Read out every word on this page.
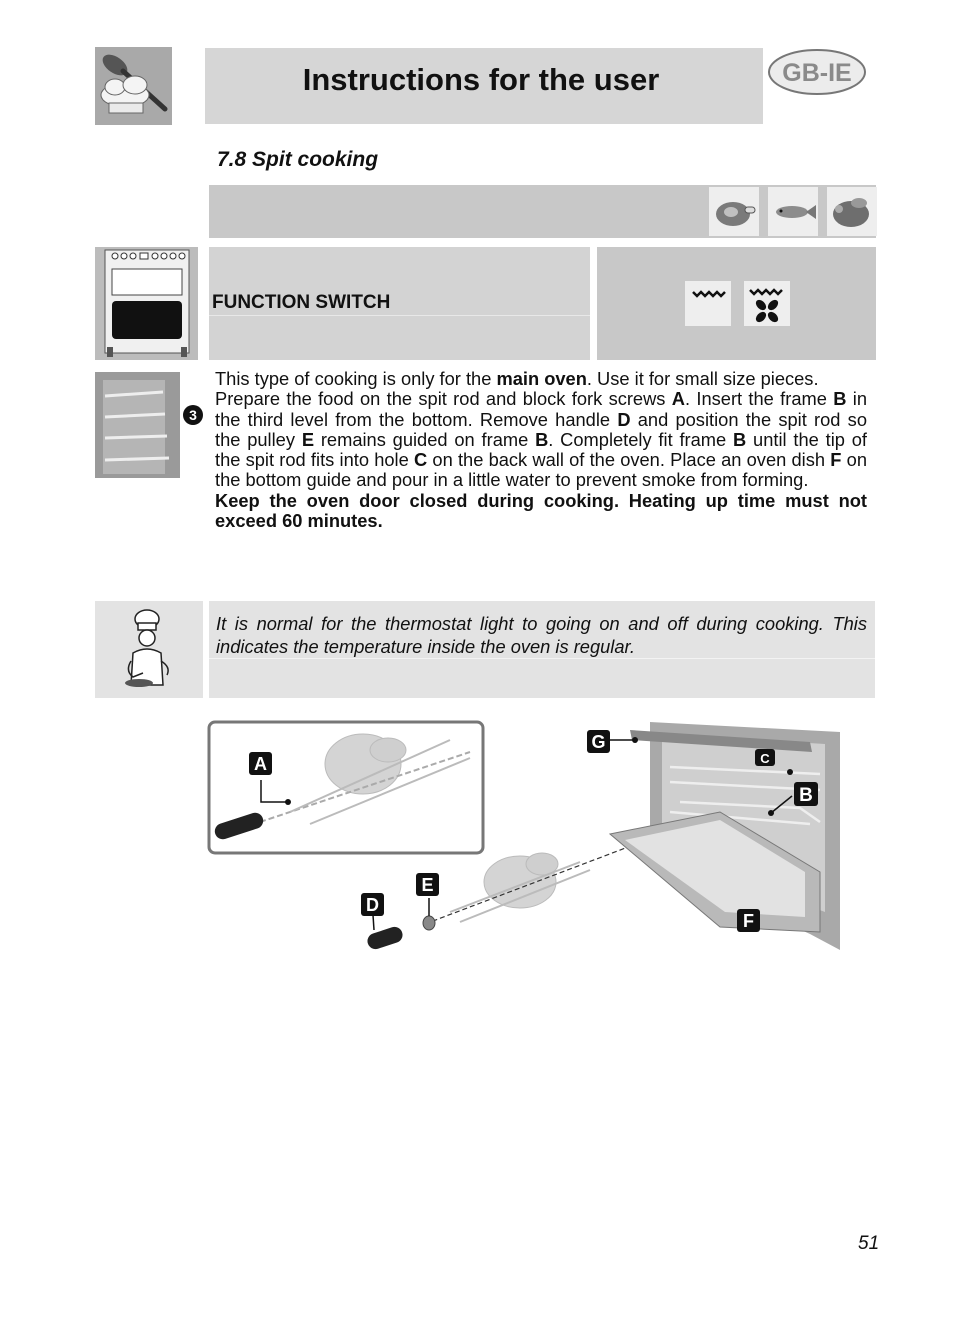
Instructions for the user	GB-IE
7.8 Spit cooking
FUNCTION SWITCH
3

This type of cooking is only for the main oven. Use it for small size pieces.

Prepare the food on the spit rod and block fork screws A. Insert the frame B in the third level from the bottom. Remove handle D and position the spit rod so the pulley E remains guided on frame B. Completely fit frame B until the tip of the spit rod fits into hole C on the back wall of the oven. Place an oven dish F on the bottom guide and pour in a little water to prevent smoke from forming.

Keep the oven door closed during cooking. Heating up time must not exceed 60 minutes.

It is normal for the thermostat light to going on and off during cooking. This indicates the temperature inside the oven is regular.
A
G
C
B
E
D
F
51
